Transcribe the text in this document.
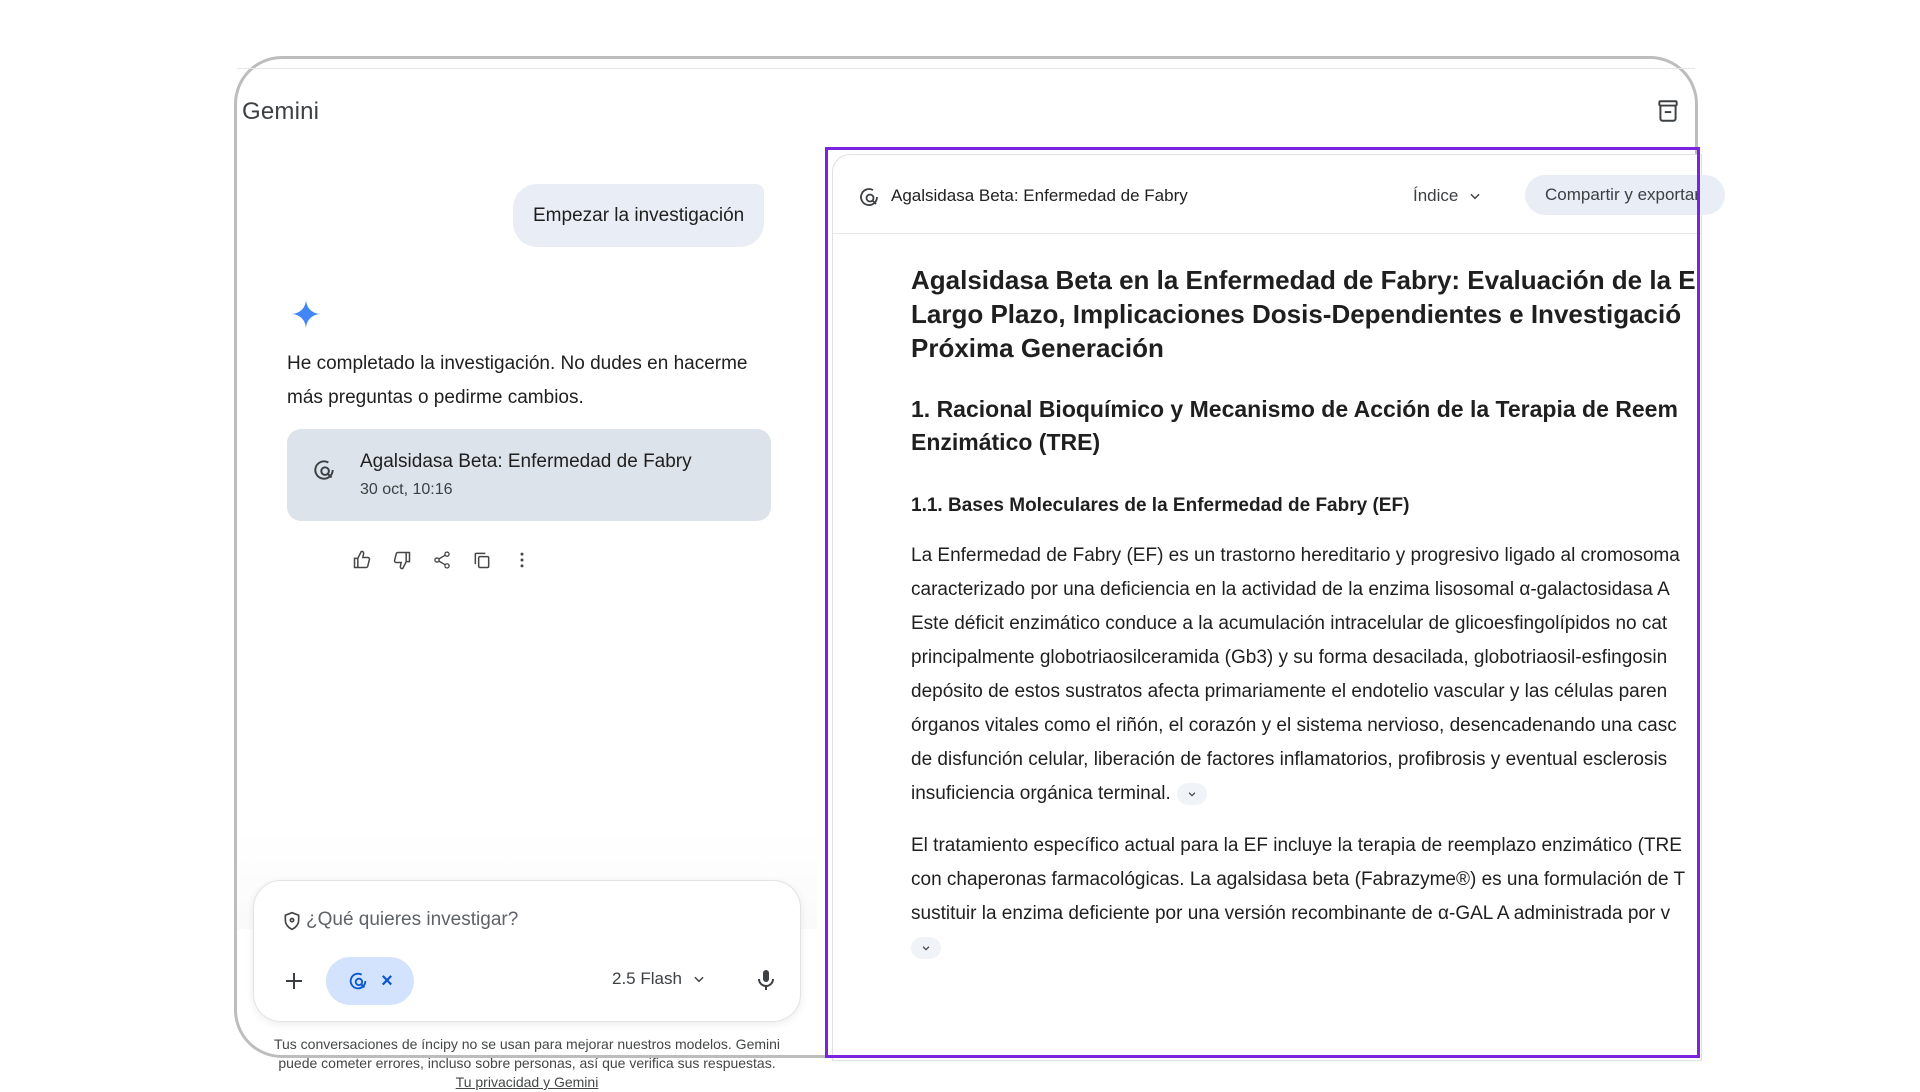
Gemini
Empezar la investigación
He completado la investigación. No dudes en hacerme más preguntas o pedirme cambios.
Agalsidasa Beta: Enfermedad de Fabry
30 oct, 10:16
¿Qué quieres investigar?
×	2.5 Flash
Tus conversaciones de íncipy no se usan para mejorar nuestros modelos. Gemini puede cometer errores, incluso sobre personas, así que verifica sus respuestas.
Tu privacidad y Gemini
Agalsidasa Beta: Enfermedad de Fabry	Índice	Compartir y exportar
Agalsidasa Beta en la Enfermedad de Fabry: Evaluación de la E
Largo Plazo, Implicaciones Dosis-Dependientes e Investigació
Próxima Generación
1. Racional Bioquímico y Mecanismo de Acción de la Terapia de Reem
Enzimático (TRE)
1.1. Bases Moleculares de la Enfermedad de Fabry (EF)
La Enfermedad de Fabry (EF) es un trastorno hereditario y progresivo ligado al cromosoma
caracterizado por una deficiencia en la actividad de la enzima lisosomal α-galactosidasa A
Este déficit enzimático conduce a la acumulación intracelular de glicoesfingolípidos no cat
principalmente globotriaosilceramida (Gb3) y su forma desacilada, globotriaosil-esfingosin
depósito de estos sustratos afecta primariamente el endotelio vascular y las células paren
órganos vitales como el riñón, el corazón y el sistema nervioso, desencadenando una casc
de disfunción celular, liberación de factores inflamatorios, profibrosis y eventual esclerosis
insuficiencia orgánica terminal.
El tratamiento específico actual para la EF incluye la terapia de reemplazo enzimático (TRE
con chaperonas farmacológicas. La agalsidasa beta (Fabrazyme®) es una formulación de T
sustituir la enzima deficiente por una versión recombinante de α-GAL A administrada por v
